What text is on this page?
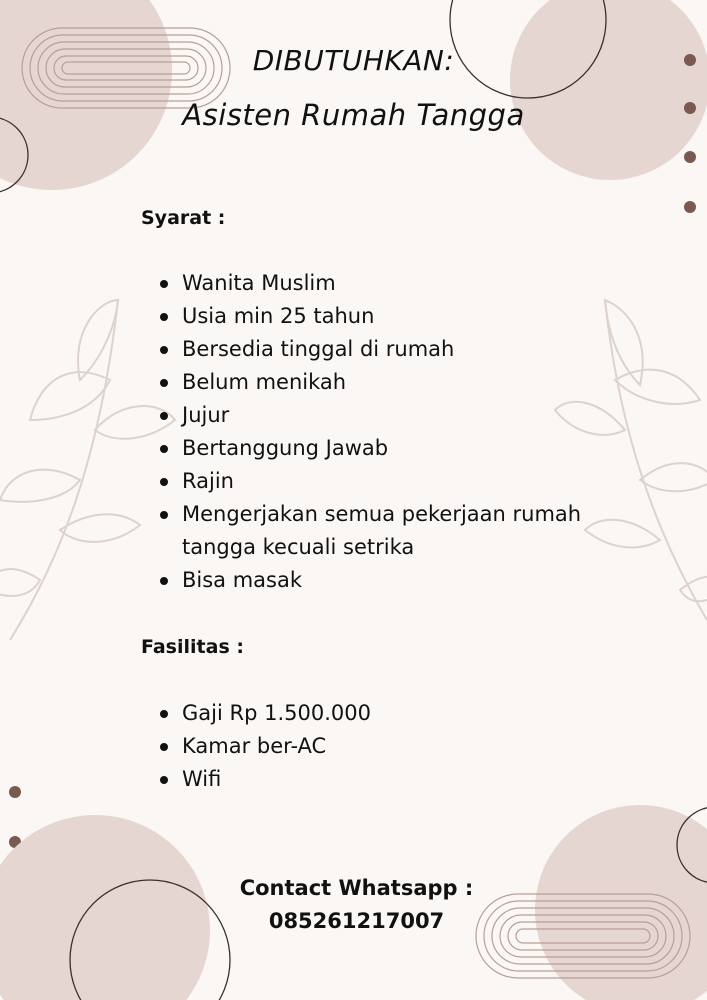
DIBUTUHKAN:
Asisten Rumah Tangga

Syarat :

Wanita Muslim
Usia min 25 tahun
Bersedia tinggal di rumah
Belum menikah
Jujur
Bertanggung Jawab
Rajin
Mengerjakan semua pekerjaan rumah tangga kecuali setrika
Bisa masak

Fasilitas :

Gaji Rp 1.500.000
Kamar ber-AC
Wifi

Contact Whatsapp :

085261217007
